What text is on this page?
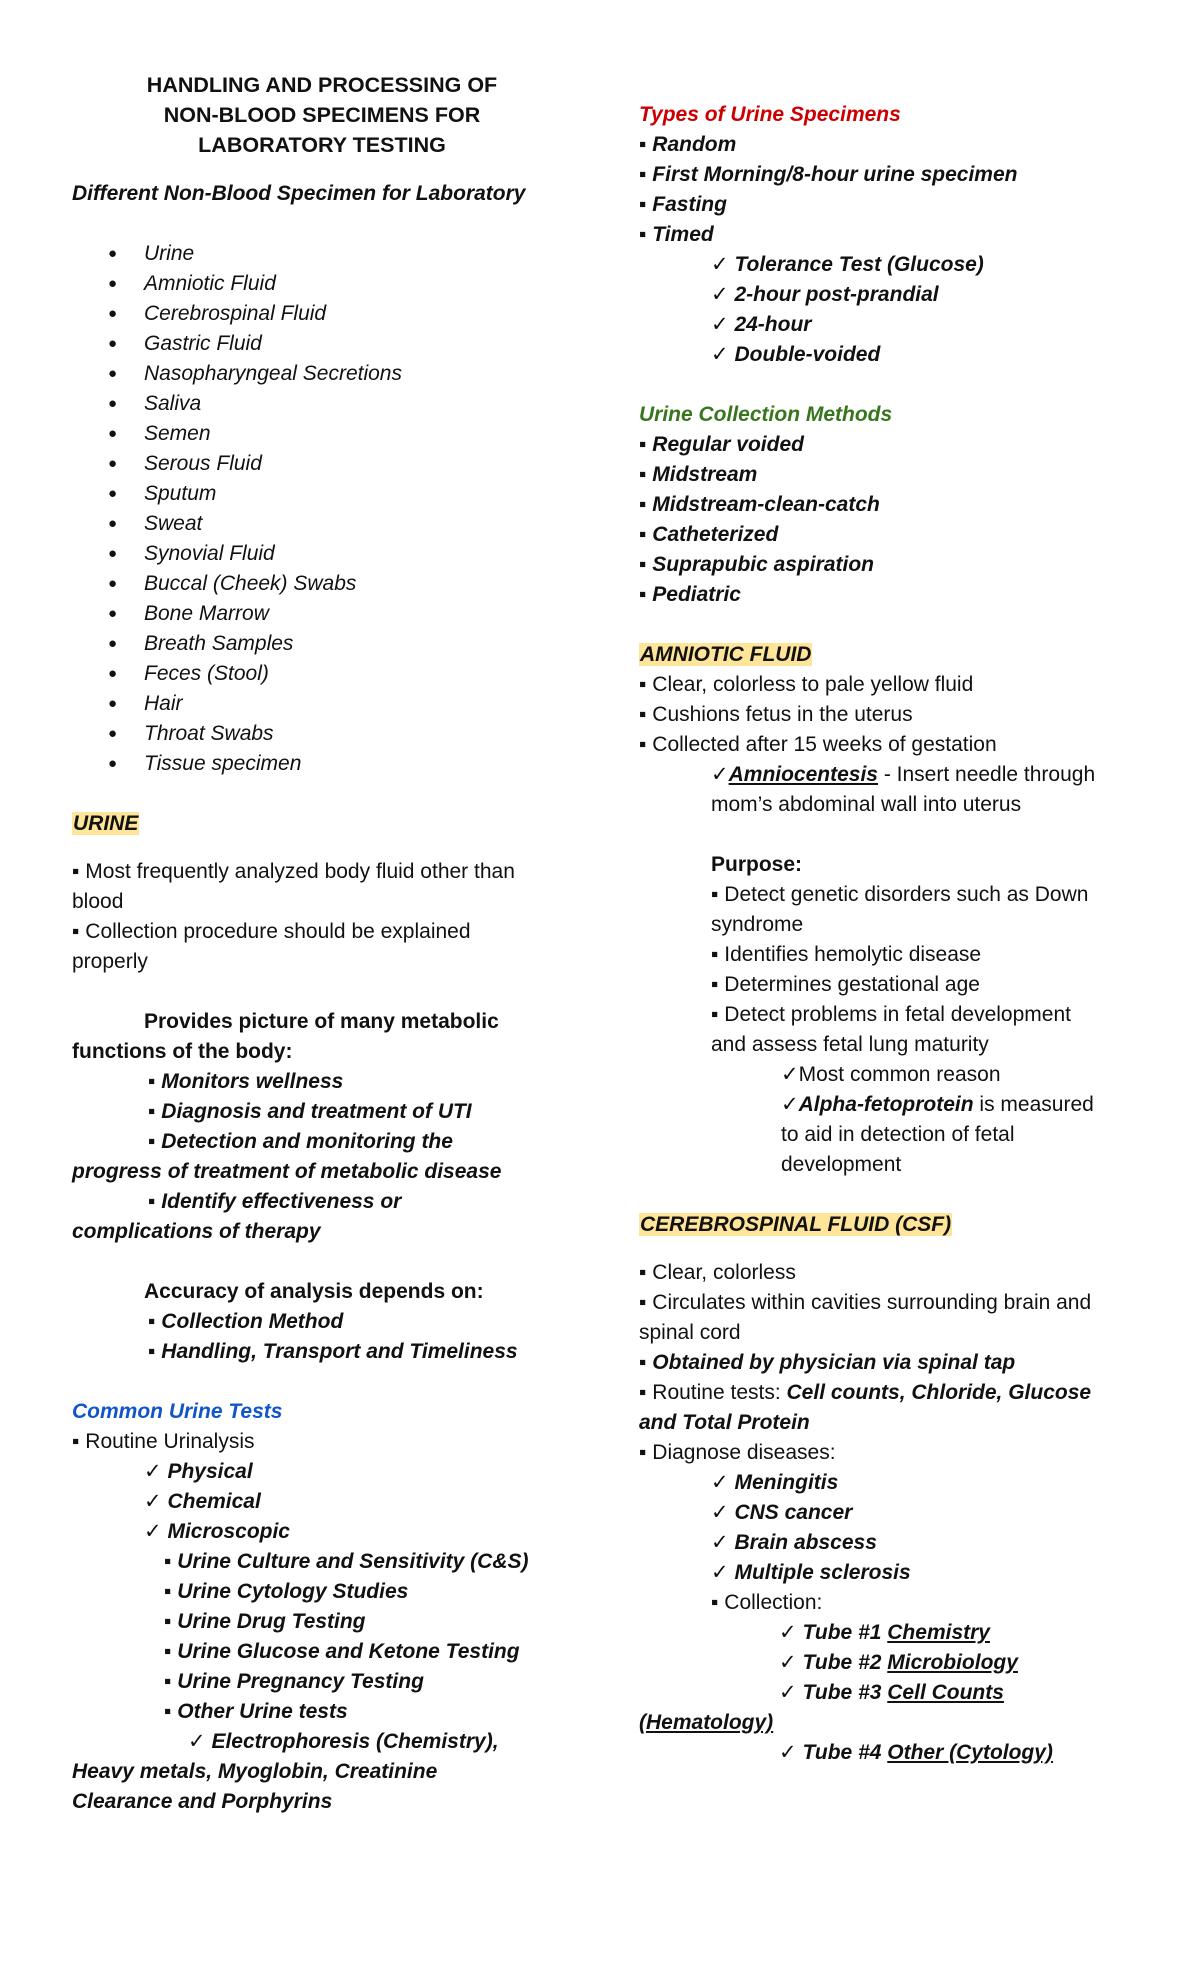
HANDLING AND PROCESSING OF
NON-BLOOD SPECIMENS FOR
LABORATORY TESTING
Different Non-Blood Specimen for Laboratory
●	Urine
●	Amniotic Fluid
●	Cerebrospinal Fluid
●	Gastric Fluid
●	Nasopharyngeal Secretions
●	Saliva
●	Semen
●	Serous Fluid
●	Sputum
●	Sweat
●	Synovial Fluid
●	Buccal (Cheek) Swabs
●	Bone Marrow
●	Breath Samples
●	Feces (Stool)
●	Hair
●	Throat Swabs
●	Tissue specimen
URINE
▪ Most frequently analyzed body fluid other than
blood
▪ Collection procedure should be explained
properly
Provides picture of many metabolic
functions of the body:
▪ Monitors wellness
▪ Diagnosis and treatment of UTI
▪ Detection and monitoring the
progress of treatment of metabolic disease
▪ Identify effectiveness or
complications of therapy
Accuracy of analysis depends on:
▪ Collection Method
▪ Handling, Transport and Timeliness
Common Urine Tests
▪ Routine Urinalysis
✓ Physical
✓ Chemical
✓ Microscopic
▪ Urine Culture and Sensitivity (C&S)
▪ Urine Cytology Studies
▪ Urine Drug Testing
▪ Urine Glucose and Ketone Testing
▪ Urine Pregnancy Testing
▪ Other Urine tests
✓ Electrophoresis (Chemistry),
Heavy metals, Myoglobin, Creatinine
Clearance and Porphyrins
Types of Urine Specimens
▪ Random
▪ First Morning/8-hour urine specimen
▪ Fasting
▪ Timed
✓ Tolerance Test (Glucose)
✓ 2-hour post-prandial
✓ 24-hour
✓ Double-voided
Urine Collection Methods
▪ Regular voided
▪ Midstream
▪ Midstream-clean-catch
▪ Catheterized
▪ Suprapubic aspiration
▪ Pediatric
AMNIOTIC FLUID
▪ Clear, colorless to pale yellow fluid
▪ Cushions fetus in the uterus
▪ Collected after 15 weeks of gestation
✓Amniocentesis - Insert needle through
mom’s abdominal wall into uterus
Purpose:
▪ Detect genetic disorders such as Down
syndrome
▪ Identifies hemolytic disease
▪ Determines gestational age
▪ Detect problems in fetal development
and assess fetal lung maturity
✓Most common reason
✓Alpha-fetoprotein is measured
to aid in detection of fetal
development
CEREBROSPINAL FLUID (CSF)
▪ Clear, colorless
▪ Circulates within cavities surrounding brain and
spinal cord
▪ Obtained by physician via spinal tap
▪ Routine tests: Cell counts, Chloride, Glucose
and Total Protein
▪ Diagnose diseases:
✓ Meningitis
✓ CNS cancer
✓ Brain abscess
✓ Multiple sclerosis
▪ Collection:
✓ Tube #1 Chemistry
✓ Tube #2 Microbiology
✓ Tube #3 Cell Counts
(Hematology)
✓ Tube #4 Other (Cytology)
